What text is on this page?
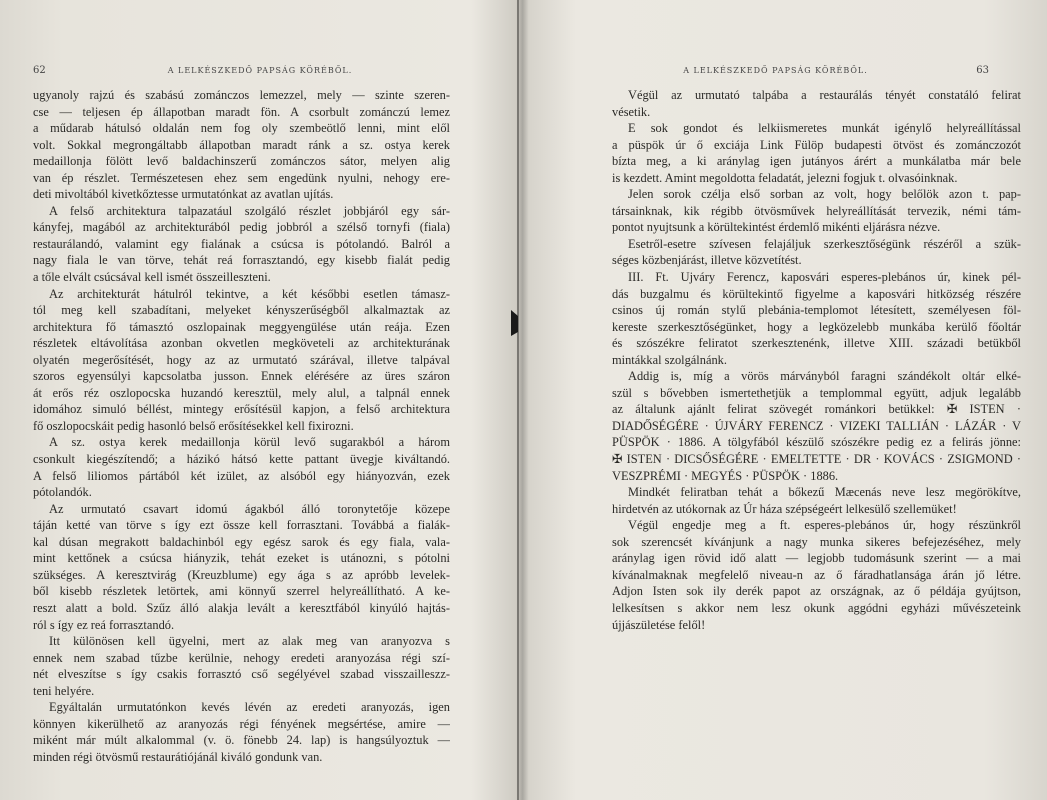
62	A LELKÉSZKEDŐ PAPSÁG KÖRÉBŐL.
ugyanoly rajzú és szabású zománczos lemezzel, mely — szinte szeren-
cse — teljesen ép állapotban maradt fön. A csorbult zománczú lemez
a műdarab hátulsó oldalán nem fog oly szembeötlő lenni, mint elől
volt. Sokkal megrongáltabb állapotban maradt ránk a sz. ostya kerek
medaillonja fölött levő baldachinszerű zománczos sátor, melyen alig
van ép részlet. Természetesen ehez sem engedünk nyulni, nehogy ere-
deti mivoltából kivetkőztessе urmutatónkat az avatlan ujítás.
A felső architektura talpazatául szolgáló részlet jobbjáról egy sár-
kányfej, magából az architekturából pedig jobbról a szélső tornyfi (fiala)
restaurálandó, valamint egy fialának a csúcsa is pótolandó. Balról a
nagy fiala le van törve, tehát reá forrasztandó, egy kisebb fialát pedig
a tőle elvált csúcsával kell ismét összeilleszteni.
Az architekturát hátulról tekintve, a két későbbi esetlen támasz-
tól meg kell szabadítani, melyeket kényszerűségből alkalmaztak az
architektura fő támasztó oszlopainak meggyengülése után reája. Ezen
részletek eltávolítása azonban okvetlen megköveteli az architekturának
olyatén megerősítését, hogy az az urmutató szárával, illetve talpával
szoros egyensúlyi kapcsolatba jusson. Ennek elérésére az üres száron
át erős réz oszlopocska huzandó keresztül, mely alul, a talpnál ennek
idomához simuló béllést, mintegy erősítésül kapjon, a felső architektura
fő oszlopocskáit pedig hasonló belső erősítésekkel kell fixirozni.
A sz. ostya kerek medaillonja körül levő sugarakból a három
csonkult kiegészítendő; a házikó hátsó kette pattant üvegje kiváltandó.
A felső liliomos pártából két izület, az alsóból egy hiányozván, ezek
pótolandók.
Az urmutató csavart idomú ágakból álló toronytetője közepe
táján ketté van törve s így ezt össze kell forrasztani. Továbbá a fialák-
kal dúsan megrakott baldachinból egy egész sarok és egy fiala, vala-
mint kettőnek a csúcsa hiányzik, tehát ezeket is utánozni, s pótolni
szükséges. A keresztvirág (Kreuzblume) egy ága s az apróbb levelek-
ből kisebb részletek letörtek, ami könnyű szerrel helyreállítható. A ke-
reszt alatt a bold. Szűz álló alakja levált a keresztfából kinyúló hajtás-
ról s így ez reá forrasztandó.
Itt különösen kell ügyelni, mert az alak meg van aranyozva s
ennek nem szabad tűzbe kerülnie, nehogy eredeti aranyozása régi szí-
nét elveszítse s így csakis forrasztó cső segélyével szabad visszailleszz-
teni helyére.
Egyáltalán urmutatónkon kevés lévén az eredeti aranyozás, igen
könnyen kikerülhető az aranyozás régi fényének megsértése, amire —
miként már múlt alkalommal (v. ö. fönebb 24. lap) is hangsúlyoztuk —
minden régi ötvösmű restaurátiójánál kiváló gondunk van.
A LELKÉSZKEDŐ PAPSÁG KÖRÉBŐL.	63
Végül az urmutató talpába a restaurálás tényét constatáló felirat
vésetik.
E sok gondot és lelkiismeretes munkát igénylő helyreállítással
a püspök úr ő exciája Link Fülöp budapesti ötvöst és zománczozót
bízta meg, a ki aránylag igen jutányos árért a munkálatba már bele
is kezdett. Amint megoldotta feladatát, jelezni fogjuk t. olvasóinknak.
Jelen sorok czélja első sorban az volt, hogy belőlök azon t. pap-
társainknak, kik régibb ötvösművek helyreállítását tervezik, némi tám-
pontot nyujtsunk a körültekintést érdemlő mikénti eljárásra nézve.
Esetről-esetre szívesen felajáljuk szerkesztőségünk részéről a szük-
séges közbenjárást, illetve közvetítést.
III. Ft. Ujváry Ferencz, kaposvári esperes-plebános úr, kinek pél-
dás buzgalmu és körültekintő figyelme a kaposvári hitközség részére
csinos új román stylű plebánia-templomot létesített, személyesen föl-
kereste szerkesztőségünket, hogy a legközelebb munkába kerülő főoltár
és szószékre feliratot szerkesztenénk, illetve XIII. századi betükből
mintákkal szolgálnánk.
Addig is, míg a vörös márványból faragni szándékolt oltár elké-
szül s bővebben ismertethetjük a templommal együtt, adjuk legalább
az általunk ajánlt felirat szövegét románkori betükkel: ✠ ISTEN ·
DIADŐSÉGÉRE · ÚJVÁRY FERENCZ · VIZEKI TALLIÁN · LÁZÁR · V
PÜSPÖK · 1886. A tölgyfából készülő szószékre pedig ez a felirás jönne:
✠ ISTEN · DICSŐSÉGÉRE · EMELTETTE · DR · KOVÁCS · ZSIGMOND ·
VESZPRÉMI · MEGYÉS · PÜSPÖK · 1886.
Mindkét feliratban tehát a bőkezű Mæcenás neve lesz megörökítve,
hirdetvén az utókornak az Úr háza szépségeért lelkesülő szellemüket!
Végül engedje meg a ft. esperes-plebános úr, hogy részünkről
sok szerencsét kívánjunk a nagy munka sikeres befejezéséhez, mely
aránylag igen rövid idő alatt — legjobb tudomásunk szerint — a mai
kívánalmaknak megfelelő niveau-n az ő fáradhatlansága árán jő létre.
Adjon Isten sok ily derék papot az országnak, az ő példája gyújtson,
lelkesítsen s akkor nem lesz okunk aggódni egyházi művészeteink
újjászületése felől!
